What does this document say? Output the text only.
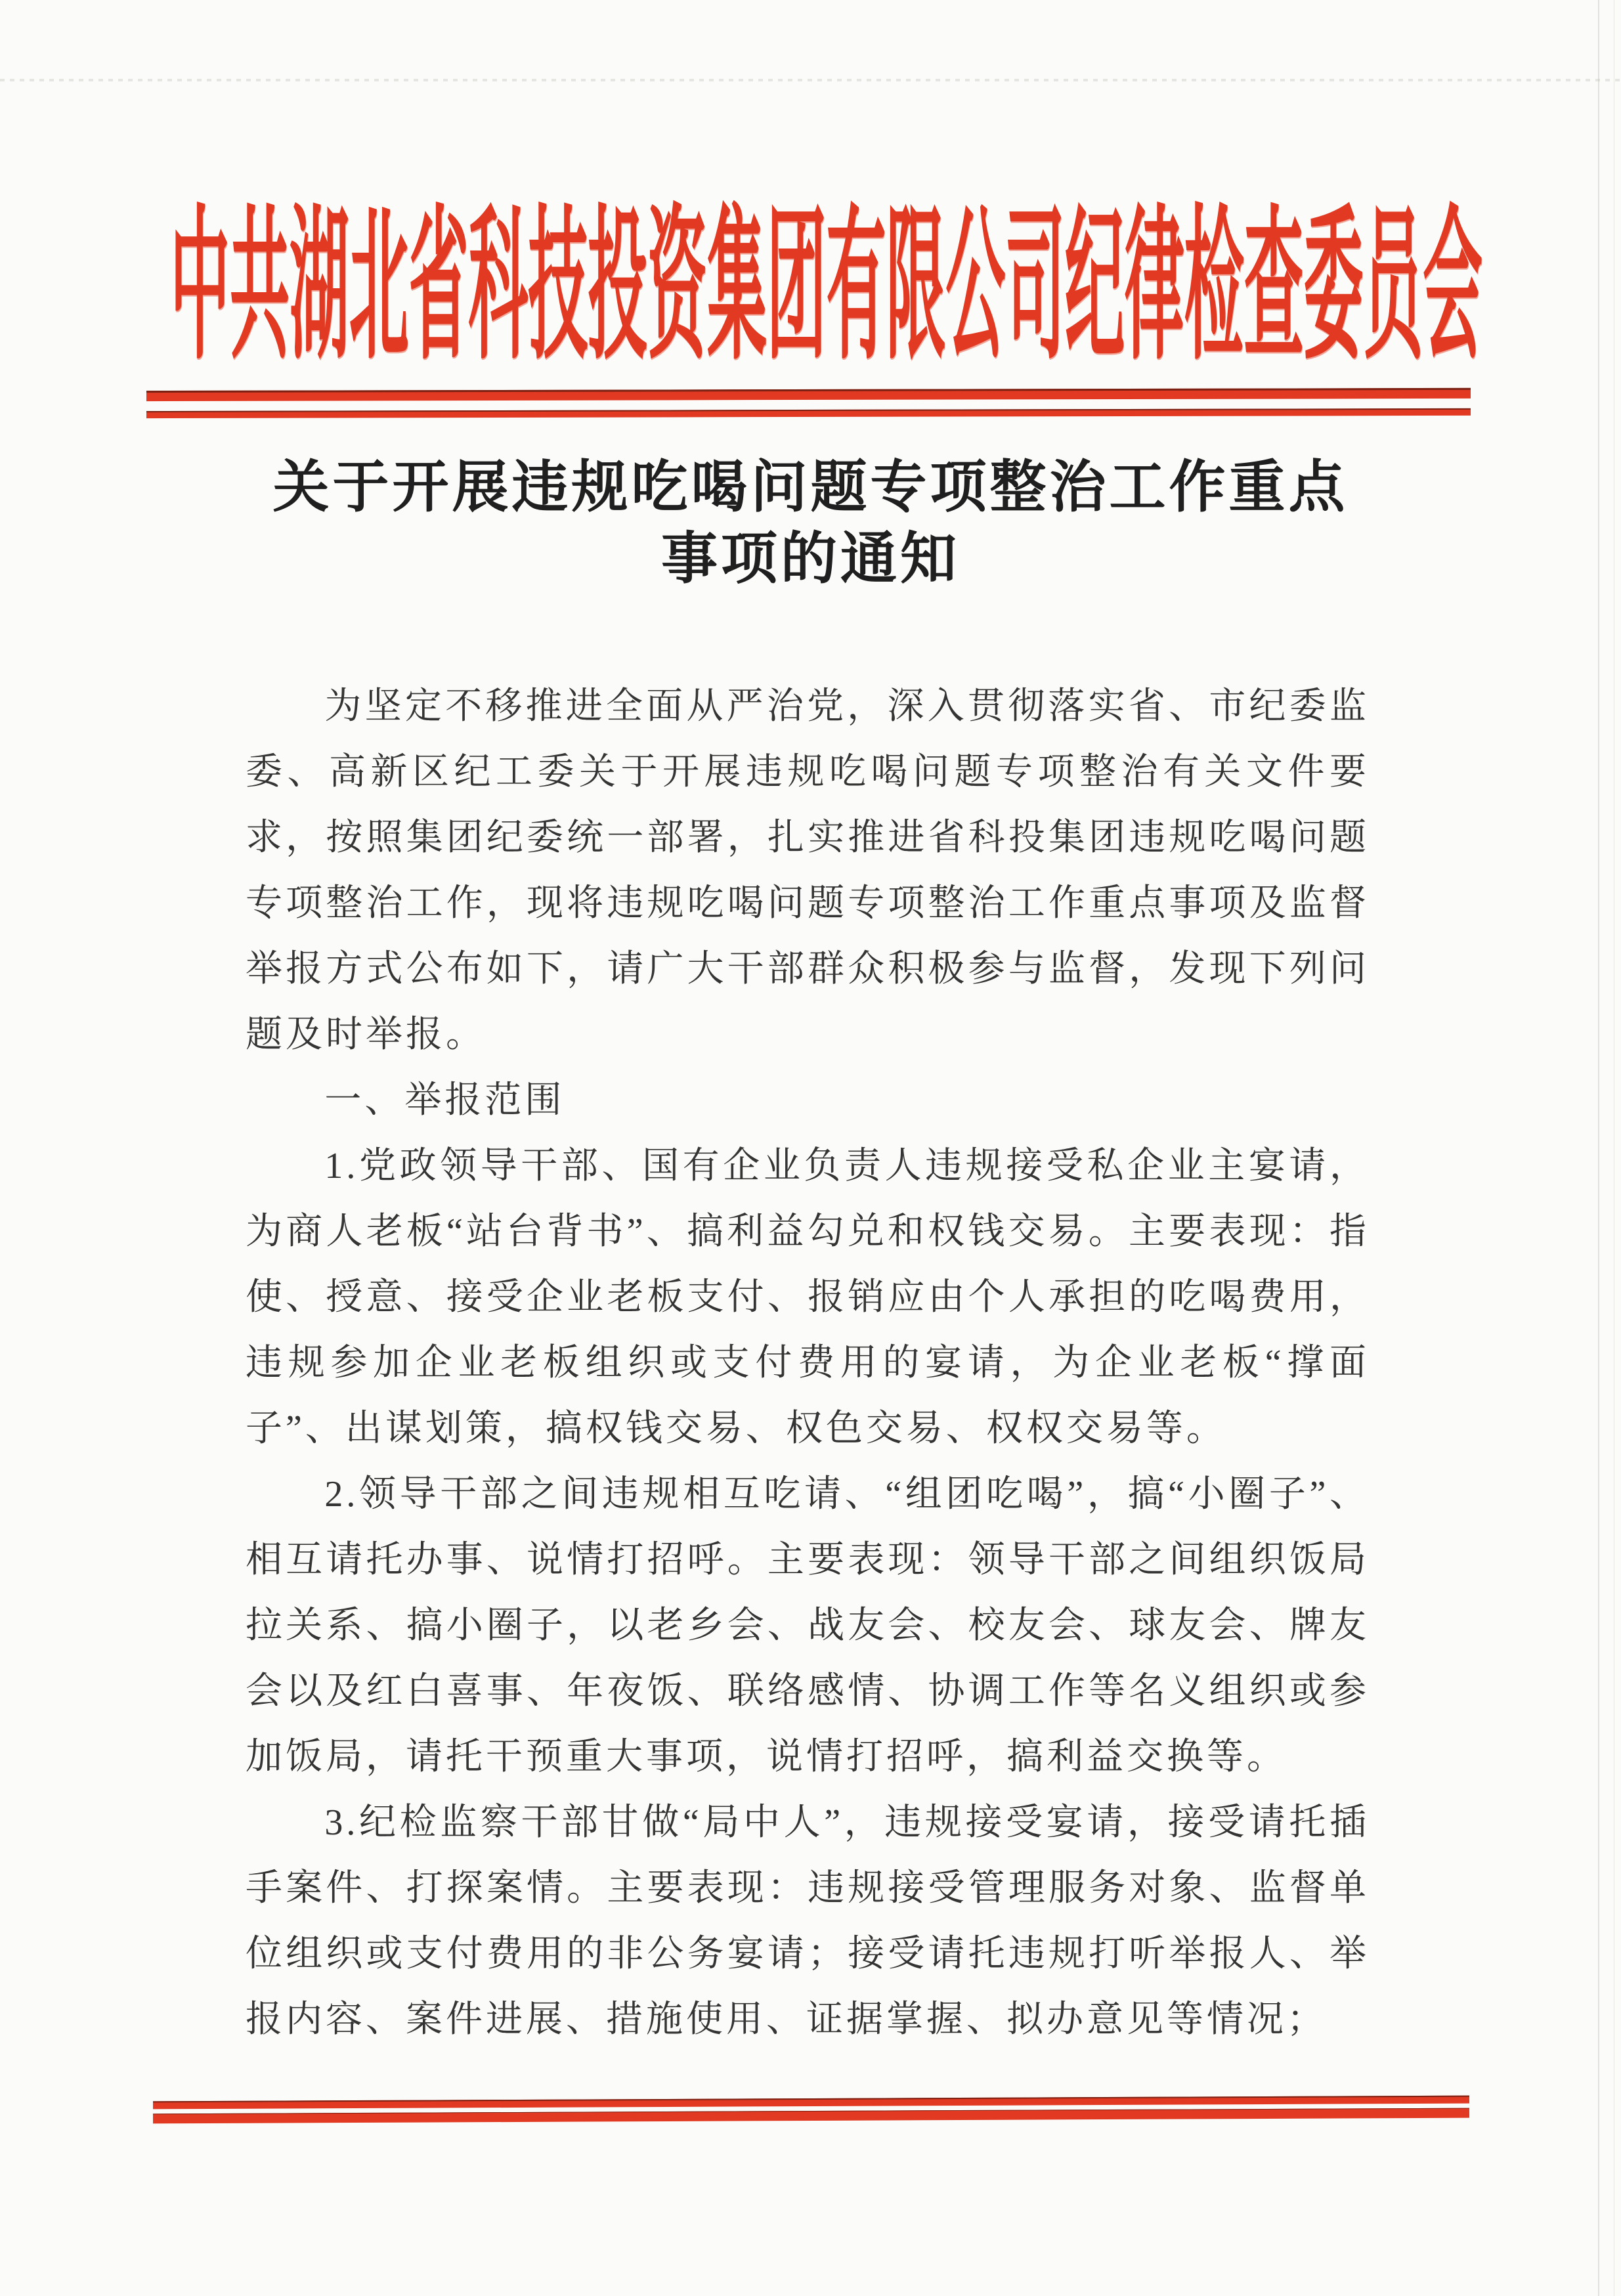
中共湖北省科技投资集团有限公司纪律检查委员会
关于开展违规吃喝问题专项整治工作重点
事项的通知

为坚定不移推进全面从严治党，深入贯彻落实省、市纪委监委、高新区纪工委关于开展违规吃喝问题专项整治有关文件要求，按照集团纪委统一部署，扎实推进省科投集团违规吃喝问题专项整治工作，现将违规吃喝问题专项整治工作重点事项及监督举报方式公布如下，请广大干部群众积极参与监督，发现下列问题及时举报。

一、举报范围

1.党政领导干部、国有企业负责人违规接受私企业主宴请，为商人老板“站台背书”、搞利益勾兑和权钱交易。主要表现：指使、授意、接受企业老板支付、报销应由个人承担的吃喝费用，违规参加企业老板组织或支付费用的宴请，为企业老板“撑面子”、出谋划策，搞权钱交易、权色交易、权权交易等。

2.领导干部之间违规相互吃请、“组团吃喝”，搞“小圈子”、相互请托办事、说情打招呼。主要表现：领导干部之间组织饭局拉关系、搞小圈子，以老乡会、战友会、校友会、球友会、牌友会以及红白喜事、年夜饭、联络感情、协调工作等名义组织或参加饭局，请托干预重大事项，说情打招呼，搞利益交换等。

3.纪检监察干部甘做“局中人”，违规接受宴请，接受请托插手案件、打探案情。主要表现：违规接受管理服务对象、监督单位组织或支付费用的非公务宴请；接受请托违规打听举报人、举报内容、案件进展、措施使用、证据掌握、拟办意见等情况；
